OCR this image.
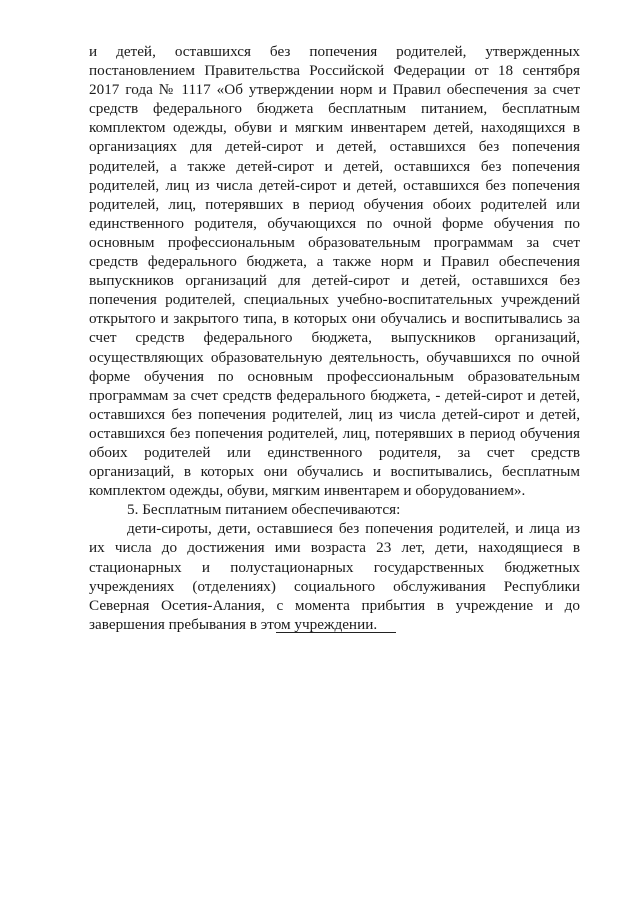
и детей, оставшихся без попечения родителей, утвержденных постановлением Правительства Российской Федерации от 18 сентября 2017 года № 1117 «Об утверждении норм и Правил обеспечения за счет средств федерального бюджета бесплатным питанием, бесплатным комплектом одежды, обуви и мягким инвентарем детей, находящихся в организациях для детей-сирот и детей, оставшихся без попечения родителей, а также детей-сирот и детей, оставшихся без попечения родителей, лиц из числа детей-сирот и детей, оставшихся без попечения родителей, лиц, потерявших в период обучения обоих родителей или единственного родителя, обучающихся по очной форме обучения по основным профессиональным образовательным программам за счет средств федерального бюджета, а также норм и Правил обеспечения выпускников организаций для детей-сирот и детей, оставшихся без попечения родителей, специальных учебно-воспитательных учреждений открытого и закрытого типа, в которых они обучались и воспитывались за счет средств федерального бюджета, выпускников организаций, осуществляющих образовательную деятельность, обучавшихся по очной форме обучения по основным профессиональным образовательным программам за счет средств федерального бюджета, - детей-сирот и детей, оставшихся без попечения родителей, лиц из числа детей-сирот и детей, оставшихся без попечения родителей, лиц, потерявших в период обучения обоих родителей или единственного родителя, за счет средств организаций, в которых они обучались и воспитывались, бесплатным комплектом одежды, обуви, мягким инвентарем и оборудованием».

5. Бесплатным питанием обеспечиваются:

дети-сироты, дети, оставшиеся без попечения родителей, и лица из их числа до достижения ими возраста 23 лет, дети, находящиеся в стационарных и полустационарных государственных бюджетных учреждениях (отделениях) социального обслуживания Республики Северная Осетия-Алания, с момента прибытия в учреждение и до завершения пребывания в этом учреждении.
